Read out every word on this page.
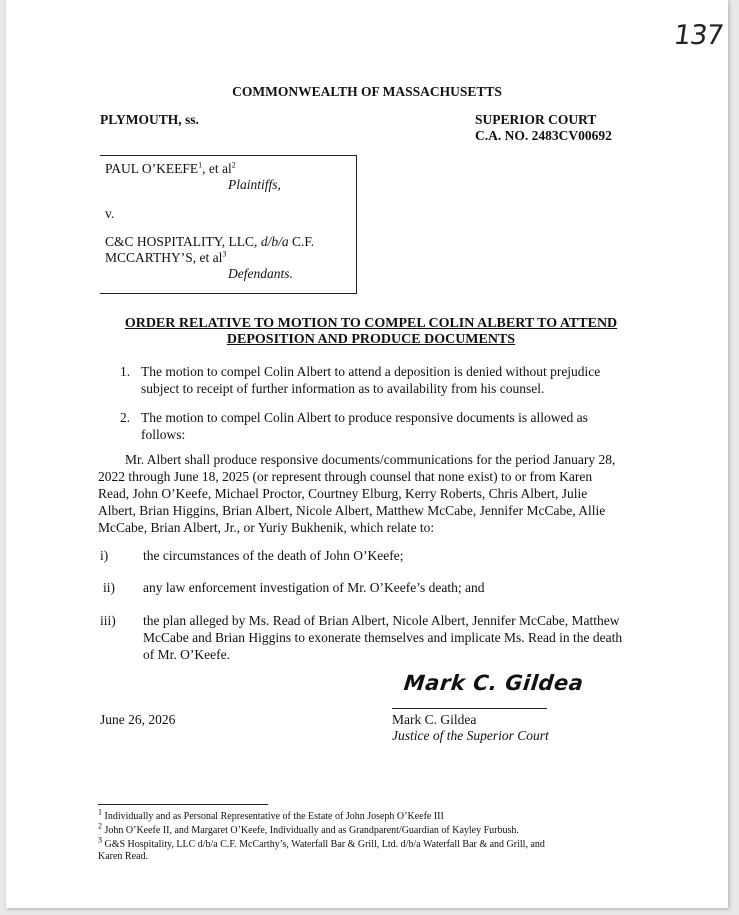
137
COMMONWEALTH OF MASSACHUSETTS
PLYMOUTH, ss.	SUPERIOR COURT
C.A. NO. 2483CV00692
PAUL O’KEEFE$^1$, et $al^2$
Plaintiffs,
v.
C&C HOSPITALITY, LLC, d/b/a C.F.
MCCARTHY’S, et $al^3$
Defendants.
ORDER RELATIVE TO MOTION TO COMPEL COLIN ALBERT TO ATTEND
DEPOSITION AND PRODUCE DOCUMENTS
1. The motion to compel Colin Albert to attend a deposition is denied without prejudice
subject to receipt of further information as to availability from his counsel.
2. The motion to compel Colin Albert to produce responsive documents is allowed as
follows:
Mr. Albert shall produce responsive documents/communications for the period January 28,
2022 through June 18, 2025 (or represent through counsel that none exist) to or from Karen
Read, John O’Keefe, Michael Proctor, Courtney Elburg, Kerry Roberts, Chris Albert, Julie
Albert, Brian Higgins, Brian Albert, Nicole Albert, Matthew McCabe, Jennifer McCabe, Allie
McCabe, Brian Albert, Jr., or Yuriy Bukhenik, which relate to:
i)	the circumstances of the death of John O’Keefe;
ii) any law enforcement investigation of Mr. O’Keefe’s death; and
iii) the plan alleged by Ms. Read of Brian Albert, Nicole Albert, Jennifer McCabe, Matthew
McCabe and Brian Higgins to exonerate themselves and implicate Ms. Read in the death
of Mr. O’Keefe.
Mark C. Gildea
June 26, 2026	Mark C. Gildea
Justice of the Superior Court
$^1$ Individually and as Personal Representative of the Estate of John Joseph O’Keefe III
$^2$ John O’Keefe II, and Margaret O’Keefe, Individually and as Grandparent/Guardian of Kayley Furbush.
$^3$ G&S Hospitality, LLC d/b/a C.F. McCarthy’s, Waterfall Bar & Grill, Ltd. d/b/a Waterfall Bar & and Grill, and
Karen Read.
